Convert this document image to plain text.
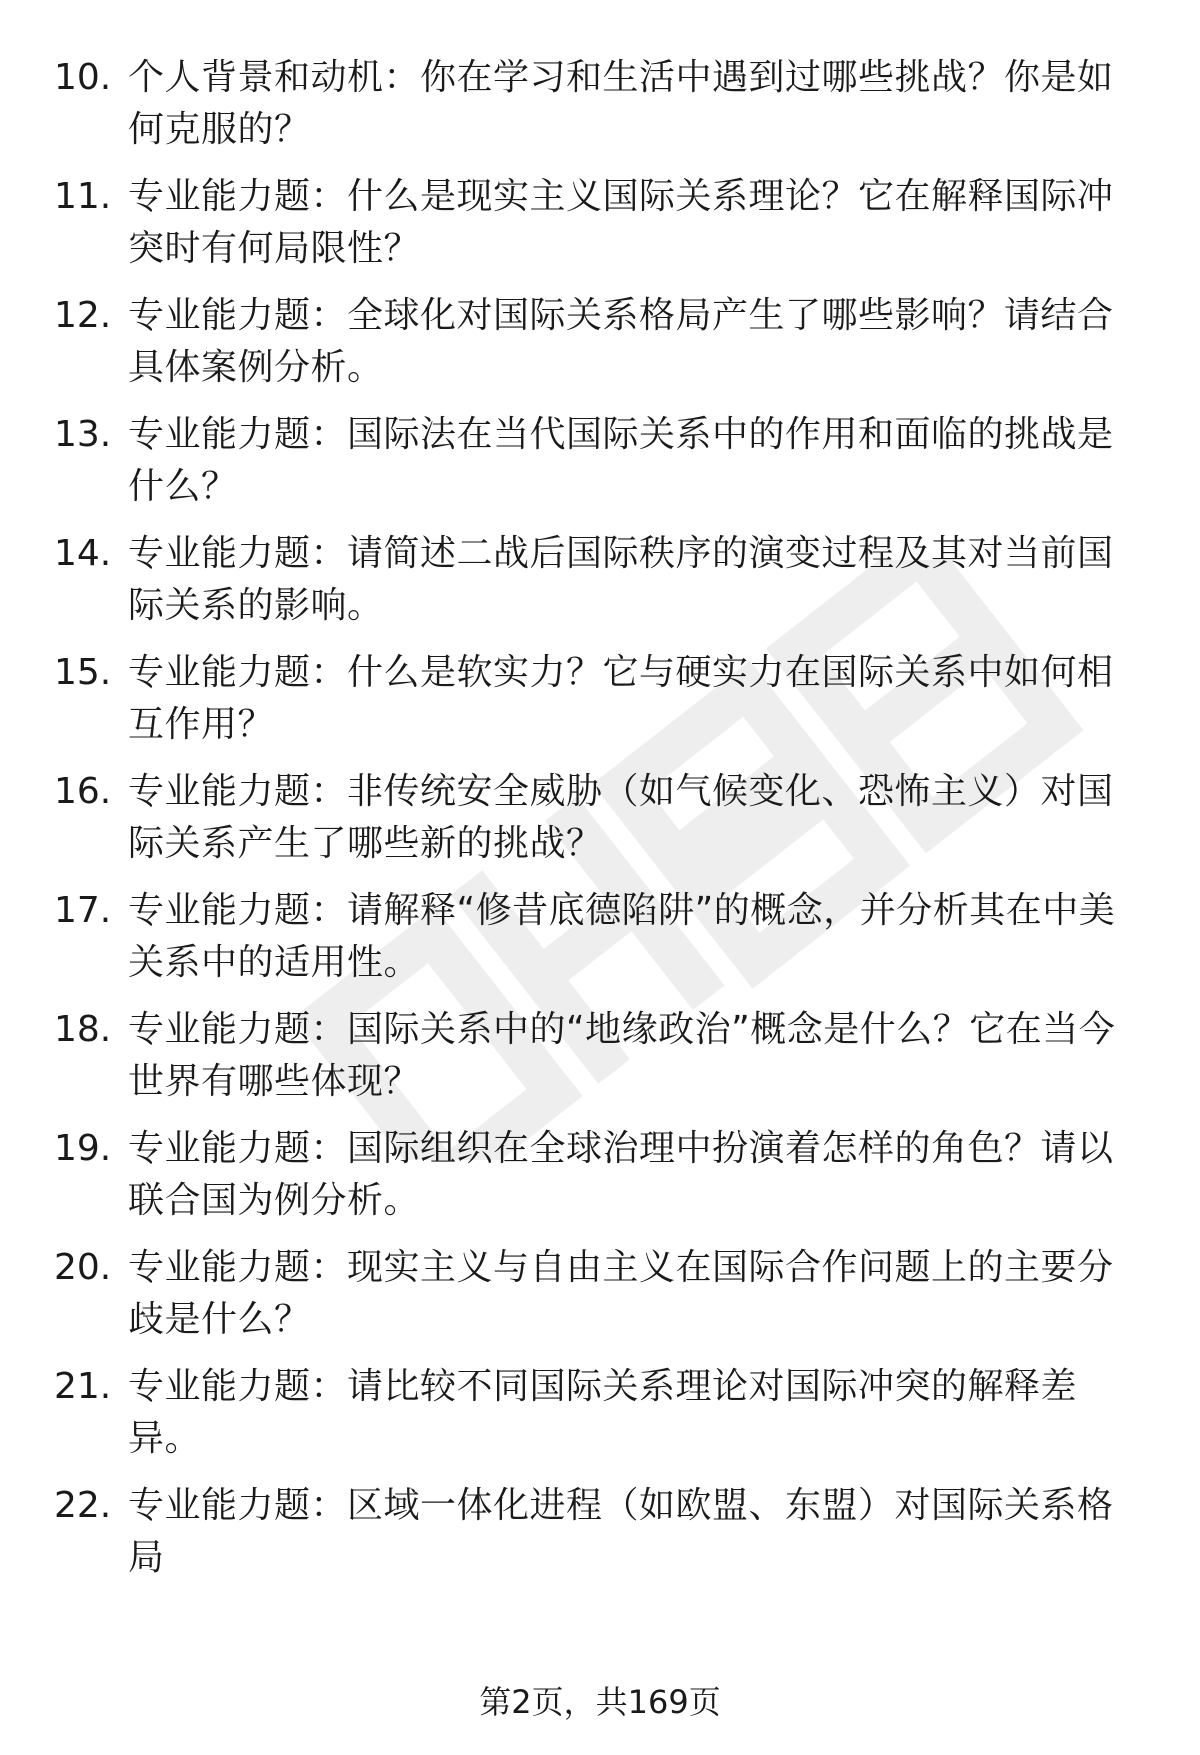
10. 个人背景和动机：你在学习和生活中遇到过哪些挑战？你是如何克服的？
11. 专业能力题：什么是现实主义国际关系理论？它在解释国际冲突时有何局限性？
12. 专业能力题：全球化对国际关系格局产生了哪些影响？请结合具体案例分析。
13. 专业能力题：国际法在当代国际关系中的作用和面临的挑战是什么？
14. 专业能力题：请简述二战后国际秩序的演变过程及其对当前国际关系的影响。
15. 专业能力题：什么是软实力？它与硬实力在国际关系中如何相互作用？
16. 专业能力题：非传统安全威胁（如气候变化、恐怖主义）对国际关系产生了哪些新的挑战？
17. 专业能力题：请解释“修昔底德陷阱”的概念，并分析其在中美关系中的适用性。
18. 专业能力题：国际关系中的“地缘政治”概念是什么？它在当今世界有哪些体现？
19. 专业能力题：国际组织在全球治理中扮演着怎样的角色？请以联合国为例分析。
20. 专业能力题：现实主义与自由主义在国际合作问题上的主要分歧是什么？
21. 专业能力题：请比较不同国际关系理论对国际冲突的解释差异。
22. 专业能力题：区域一体化进程（如欧盟、东盟）对国际关系格局
第2页，共169页
